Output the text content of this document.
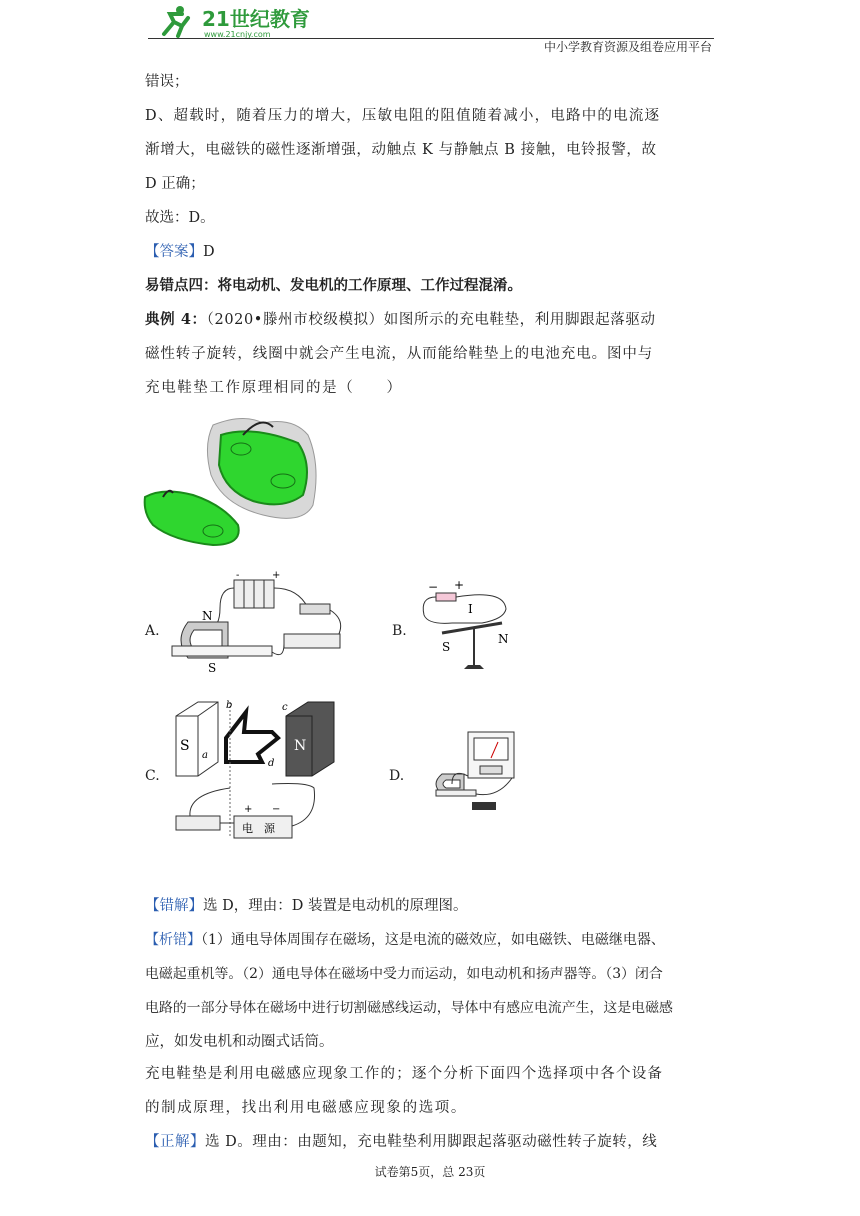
21世纪教育
www.21cnjy.com
中小学教育资源及组卷应用平台
错误；
D、超载时，随着压力的增大，压敏电阻的阻值随着减小，电路中的电流逐
渐增大，电磁铁的磁性逐渐增强，动触点 K 与静触点 B 接触，电铃报警，故
D 正确；
故选：D。
【答案】D
易错点四：将电动机、发电机的工作原理、工作过程混淆。
典例 4：（2020•滕州市校级模拟）如图所示的充电鞋垫，利用脚跟起落驱动
磁性转子旋转，线圈中就会产生电流，从而能给鞋垫上的电池充电。图中与
充电鞋垫工作原理相同的是（　　）
A.
-	+
N
S
B.
− +
I
S
N
C.
S	N
b	c
a
d
+ −
电　源
D.
【错解】选 D，理由：D 装置是电动机的原理图。
【析错】（1）通电导体周围存在磁场，这是电流的磁效应，如电磁铁、电磁继电器、
电磁起重机等。（2）通电导体在磁场中受力而运动，如电动机和扬声器等。（3）闭合
电路的一部分导体在磁场中进行切割磁感线运动，导体中有感应电流产生，这是电磁感
应，如发电机和动圈式话筒。
充电鞋垫是利用电磁感应现象工作的；逐个分析下面四个选择项中各个设备
的制成原理，找出利用电磁感应现象的选项。
【正解】选 D。理由：由题知，充电鞋垫利用脚跟起落驱动磁性转子旋转，线
试卷第5页，总 23页
